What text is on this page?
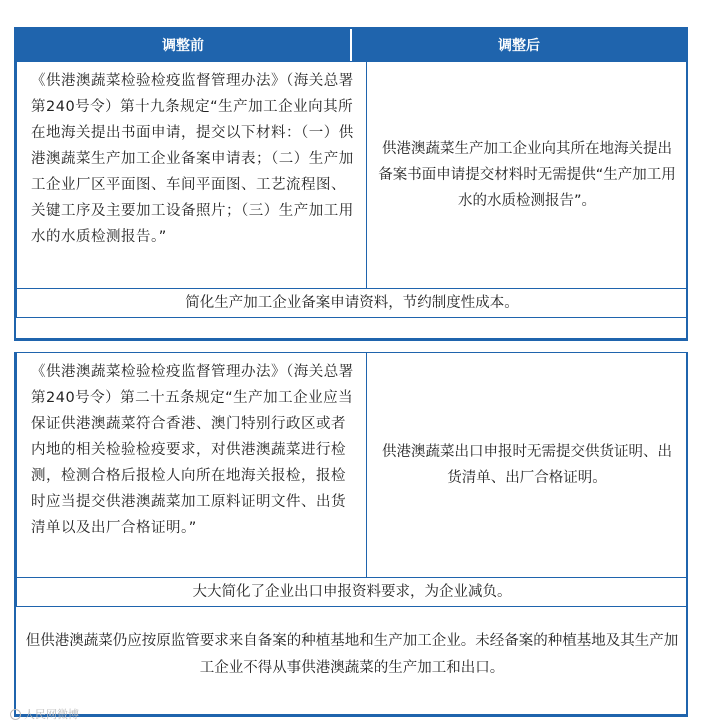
调整前	调整后
《供港澳蔬菜检验检疫监督管理办法》（海关总署第240号令）第十九条规定“生产加工企业向其所在地海关提出书面申请，提交以下材料：（一）供港澳蔬菜生产加工企业备案申请表；（二）生产加工企业厂区平面图、车间平面图、工艺流程图、关键工序及主要加工设备照片；（三）生产加工用水的水质检测报告。”
供港澳蔬菜生产加工企业向其所在地海关提出备案书面申请提交材料时无需提供“生产加工用水的水质检测报告”。
简化生产加工企业备案申请资料，节约制度性成本。
《供港澳蔬菜检验检疫监督管理办法》（海关总署第240号令）第二十五条规定“生产加工企业应当保证供港澳蔬菜符合香港、澳门特别行政区或者内地的相关检验检疫要求，对供港澳蔬菜进行检测，检测合格后报检人向所在地海关报检，报检时应当提交供港澳蔬菜加工原料证明文件、出货清单以及出厂合格证明。”
供港澳蔬菜出口申报时无需提交供货证明、出货清单、出厂合格证明。
大大简化了企业出口申报资料要求，为企业减负。
但供港澳蔬菜仍应按原监管要求来自备案的种植基地和生产加工企业。未经备案的种植基地及其生产加工企业不得从事供港澳蔬菜的生产加工和出口。
人民网微博
